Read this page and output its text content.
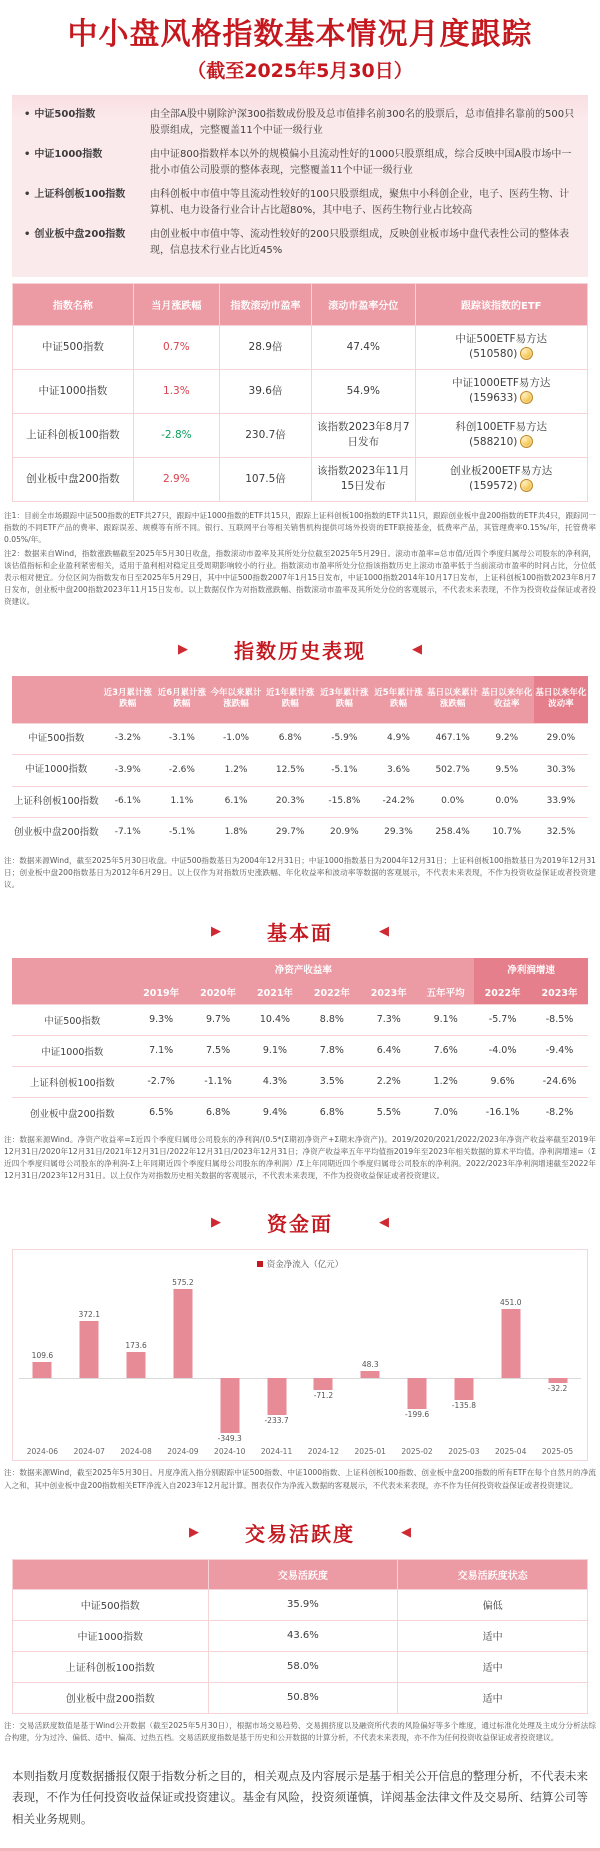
中小盘风格指数基本情况月度跟踪
（截至2025年5月30日）
• 中证500指数	由全部A股中剔除沪深300指数成份股及总市值排名前300名的股票后，总市值排名靠前的500只股票组成，完整覆盖11个中证一级行业
• 中证1000指数	由中证800指数样本以外的规模偏小且流动性好的1000只股票组成，综合反映中国A股市场中一批小市值公司股票的整体表现，完整覆盖11个中证一级行业
• 上证科创板100指数	由科创板中市值中等且流动性较好的100只股票组成，聚焦中小科创企业，电子、医药生物、计算机、电力设备行业合计占比超80%，其中电子、医药生物行业占比较高
• 创业板中盘200指数	由创业板中市值中等、流动性较好的200只股票组成，反映创业板市场中盘代表性公司的整体表现，信息技术行业占比近45%
指数名称	当月涨跌幅	指数滚动市盈率	滚动市盈率分位	跟踪该指数的ETF
中证500指数	0.7%	28.9倍	47.4%	中证500ETF易方达
(510580)
中证1000指数	1.3%	39.6倍	54.9%	中证1000ETF易方达
(159633)
上证科创板100指数	-2.8%	230.7倍	该指数2023年8月7日发布	科创100ETF易方达
(588210)
创业板中盘200指数	2.9%	107.5倍	该指数2023年11月15日发布	创业板200ETF易方达
(159572)
注1：目前全市场跟踪中证500指数的ETF共27只，跟踪中证1000指数的ETF共15只，跟踪上证科创板100指数的ETF共11只，跟踪创业板中盘200指数的ETF共4只，跟踪同一指数的不同ETF产品的费率、跟踪误差、规模等有所不同。银行、互联网平台等相关销售机构提供可场外投资的ETF联接基金，低费率产品，其管理费率0.15%/年，托管费率0.05%/年。
注2：数据来自Wind，指数涨跌幅截至2025年5月30日收盘，指数滚动市盈率及其所处分位截至2025年5月29日。滚动市盈率=总市值/近四个季度归属母公司股东的净利润，该估值指标和企业盈利紧密相关，适用于盈利相对稳定且受周期影响较小的行业。指数滚动市盈率所处分位指该指数历史上滚动市盈率低于当前滚动市盈率的时间占比，分位低表示相对便宜。分位区间为指数发布日至2025年5月29日，其中中证500指数2007年1月15日发布，中证1000指数2014年10月17日发布，上证科创板100指数2023年8月7日发布，创业板中盘200指数2023年11月15日发布。以上数据仅作为对指数涨跌幅、指数滚动市盈率及其所处分位的客观展示，不代表未来表现，不作为投资收益保证或者投资建议。
▶ 指数历史表现	◀
	近3月累计涨跌幅	近6月累计涨跌幅	今年以来累计涨跌幅	近1年累计涨跌幅	近3年累计涨跌幅	近5年累计涨跌幅	基日以来累计涨跌幅	基日以来年化收益率	基日以来年化波动率
中证500指数	-3.2%	-3.1%	-1.0%	6.8%	-5.9%	4.9%	467.1%	9.2%	29.0%
中证1000指数	-3.9%	-2.6%	1.2%	12.5%	-5.1%	3.6%	502.7%	9.5%	30.3%
上证科创板100指数	-6.1%	1.1%	6.1%	20.3%	-15.8%	-24.2%	0.0%	0.0%	33.9%
创业板中盘200指数	-7.1%	-5.1%	1.8%	29.7%	20.9%	29.3%	258.4%	10.7%	32.5%
注：数据来源Wind，截至2025年5月30日收盘。中证500指数基日为2004年12月31日；中证1000指数基日为2004年12月31日；上证科创板100指数基日为2019年12月31日；创业板中盘200指数基日为2012年6月29日。以上仅作为对指数历史涨跌幅、年化收益率和波动率等数据的客观展示，不代表未来表现，不作为投资收益保证或者投资建议。
▶ 基本面	◀
	净资产收益率						净利润增速	
	2019年	2020年	2021年	2022年	2023年	五年平均	2022年	2023年
中证500指数	9.3%	9.7%	10.4%	8.8%	7.3%	9.1%	-5.7%	-8.5%
中证1000指数	7.1%	7.5%	9.1%	7.8%	6.4%	7.6%	-4.0%	-9.4%
上证科创板100指数	-2.7%	-1.1%	4.3%	3.5%	2.2%	1.2%	9.6%	-24.6%
创业板中盘200指数	6.5%	6.8%	9.4%	6.8%	5.5%	7.0%	-16.1%	-8.2%
注：数据来源Wind。净资产收益率=Σ近四个季度归属母公司股东的净利润/(0.5*(Σ期初净资产+Σ期末净资产))。2019/2020/2021/2022/2023年净资产收益率截至2019年12月31日/2020年12月31日/2021年12月31日/2022年12月31日/2023年12月31日；净资产收益率五年平均值指2019年至2023年相关数据的算术平均值。净利润增速=（Σ近四个季度归属母公司股东的净利润-Σ上年同期近四个季度归属母公司股东的净利润）/Σ上年同期近四个季度归属母公司股东的净利润。2022/2023年净利润增速截至2022年12月31日/2023年12月31日。以上仅作为对指数历史相关数据的客观展示，不代表未来表现，不作为投资收益保证或者投资建议。
▶ 资金面	◀
资金净流入（亿元）
109.6
372.1
173.6
575.2
-349.3
-233.7
-71.2
48.3
-199.6
-135.8
451.0
-32.2
2024-06	2024-07	2024-08	2024-09	2024-10	2024-11	2024-12	2025-01	2025-02	2025-03	2025-04	2025-05
注：数据来源Wind，截至2025年5月30日。月度净流入指分别跟踪中证500指数、中证1000指数、上证科创板100指数、创业板中盘200指数的所有ETF在每个自然月的净流入之和，其中创业板中盘200指数相关ETF净流入自2023年12月起计算。图表仅作为净流入数据的客观展示，不代表未来表现，亦不作为任何投资收益保证或者投资建议。
▶ 交易活跃度	◀
	交易活跃度	交易活跃度状态
中证500指数	35.9%	偏低
中证1000指数	43.6%	适中
上证科创板100指数	58.0%	适中
创业板中盘200指数	50.8%	适中
注：交易活跃度数值是基于Wind公开数据（截至2025年5月30日），根据市场交易趋势、交易拥挤度以及融资所代表的风险偏好等多个维度，通过标准化处理及主成分分析法综合构建，分为过冷、偏低、适中、偏高、过热五档。交易活跃度指数是基于历史和公开数据的计算分析，不代表未来表现，亦不作为任何投资收益保证或者投资建议。
本则指数月度数据播报仅限于指数分析之目的，相关观点及内容展示是基于相关公开信息的整理分析，不代表未来表现，不作为任何投资收益保证或投资建议。基金有风险，投资须谨慎，详阅基金法律文件及交易所、结算公司等相关业务规则。
